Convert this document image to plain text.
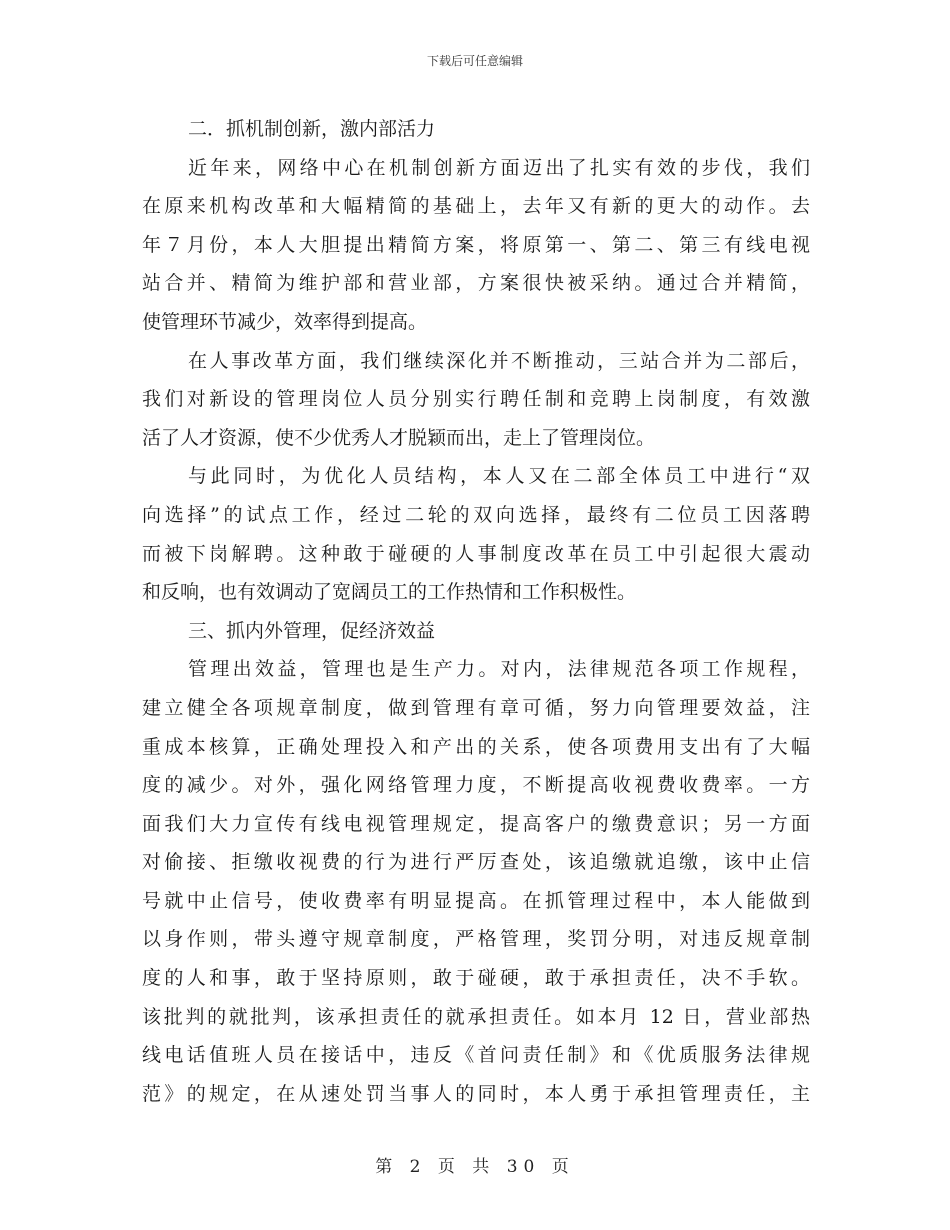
下载后可任意编辑
二．抓机制创新，激内部活力
近年来，网络中心在机制创新方面迈出了扎实有效的步伐，我们
在原来机构改革和大幅精简的基础上，去年又有新的更大的动作。去
年７月份，本人大胆提出精简方案，将原第一、第二、第三有线电视
站合并、精简为维护部和营业部，方案很快被采纳。通过合并精简，
使管理环节减少，效率得到提高。
在人事改革方面，我们继续深化并不断推动，三站合并为二部后，
我们对新设的管理岗位人员分别实行聘任制和竞聘上岗制度，有效激
活了人才资源，使不少优秀人才脱颖而出，走上了管理岗位。
与此同时，为优化人员结构，本人又在二部全体员工中进行“双
向选择”的试点工作，经过二轮的双向选择，最终有二位员工因落聘
而被下岗解聘。这种敢于碰硬的人事制度改革在员工中引起很大震动
和反响，也有效调动了宽阔员工的工作热情和工作积极性。
三、抓内外管理，促经济效益
管理出效益，管理也是生产力。对内，法律规范各项工作规程，
建立健全各项规章制度，做到管理有章可循，努力向管理要效益，注
重成本核算，正确处理投入和产出的关系，使各项费用支出有了大幅
度的减少。对外，强化网络管理力度，不断提高收视费收费率。一方
面我们大力宣传有线电视管理规定，提高客户的缴费意识；另一方面
对偷接、拒缴收视费的行为进行严厉查处，该追缴就追缴，该中止信
号就中止信号，使收费率有明显提高。在抓管理过程中，本人能做到
以身作则，带头遵守规章制度，严格管理，奖罚分明，对违反规章制
度的人和事，敢于坚持原则，敢于碰硬，敢于承担责任，决不手软。
该批判的就批判，该承担责任的就承担责任。如本月 12 日，营业部热
线电话值班人员在接话中，违反《首问责任制》和《优质服务法律规
范》的规定，在从速处罚当事人的同时，本人勇于承担管理责任，主
第 2 页 共 30 页
